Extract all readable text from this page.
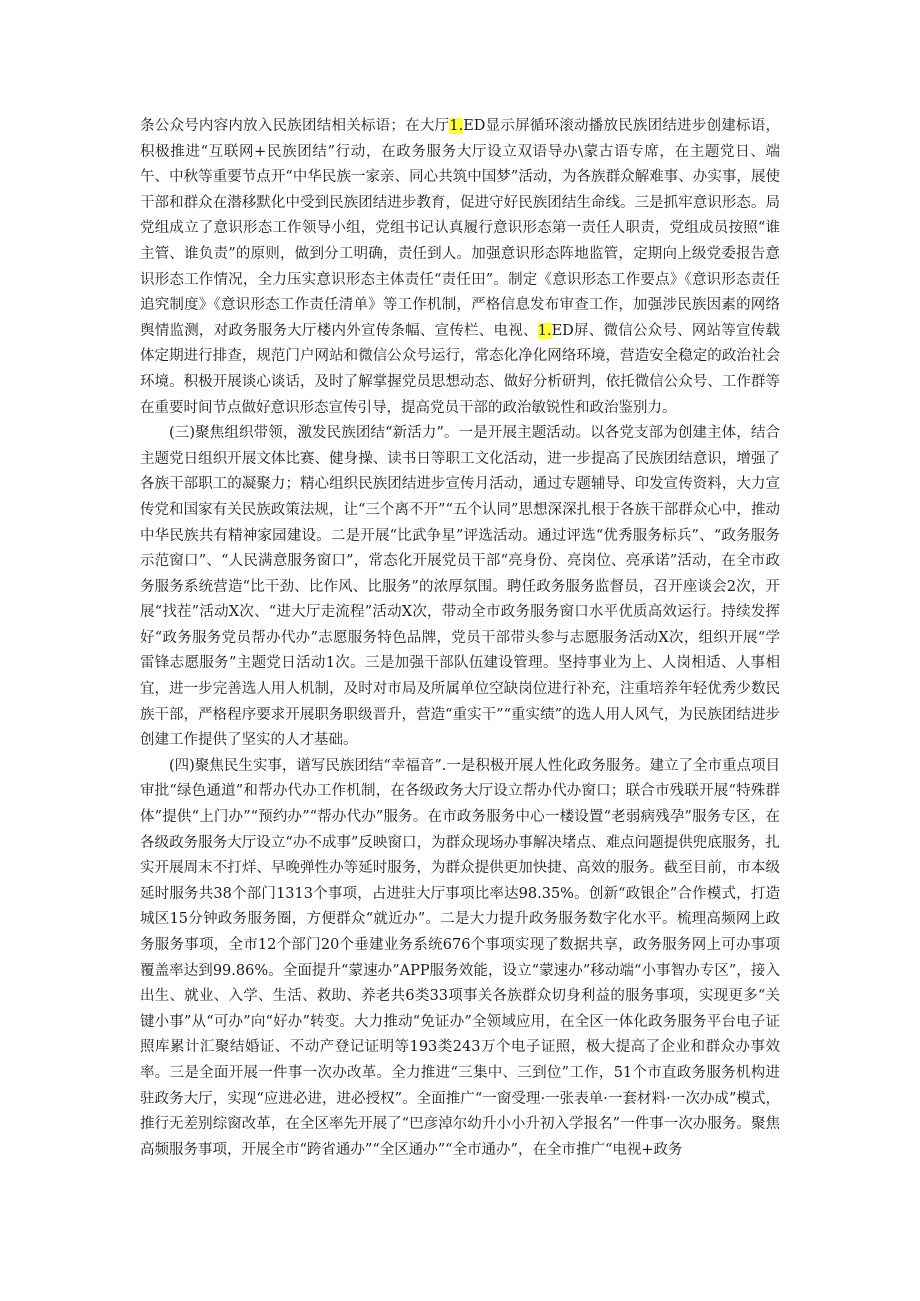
条公众号内容内放入民族团结相关标语；在大厅1.ED显示屏循环滚动播放民族团结进步创建标语，积极推进“互联网+民族团结”行动，在政务服务大厅设立双语导办\蒙古语专席，在主题党日、端午、中秋等重要节点开“中华民族一家亲、同心共筑中国梦”活动，为各族群众解难事、办实事，展使干部和群众在潜移默化中受到民族团结进步教育，促进守好民族团结生命线。三是抓牢意识形态。局党组成立了意识形态工作领导小组，党组书记认真履行意识形态第一责任人职责，党组成员按照“谁主管、谁负责”的原则，做到分工明确，责任到人。加强意识形态阵地监管，定期向上级党委报告意识形态工作情况，全力压实意识形态主体责任“责任田”。制定《意识形态工作要点》《意识形态责任追究制度》《意识形态工作责任清单》等工作机制，严格信息发布审查工作，加强涉民族因素的网络舆情监测，对政务服务大厅楼内外宣传条幅、宣传栏、电视、1.ED屏、微信公众号、网站等宣传载体定期进行排查，规范门户网站和微信公众号运行，常态化净化网络环境，营造安全稳定的政治社会环境。积极开展谈心谈话，及时了解掌握党员思想动态、做好分析研判，依托微信公众号、工作群等在重要时间节点做好意识形态宣传引导，提高党员干部的政治敏锐性和政治鉴别力。

(三)聚焦组织带领，激发民族团结“新活力”。一是开展主题活动。以各党支部为创建主体，结合主题党日组织开展文体比赛、健身操、读书日等职工文化活动，进一步提高了民族团结意识，增强了各族干部职工的凝聚力；精心组织民族团结进步宣传月活动，通过专题辅导、印发宣传资料，大力宣传党和国家有关民族政策法规，让“三个离不开”“五个认同”思想深深扎根于各族干部群众心中，推动中华民族共有精神家园建设。二是开展“比武争星”评选活动。通过评选“优秀服务标兵”、“政务服务示范窗口”、“人民满意服务窗口”，常态化开展党员干部“亮身份、亮岗位、亮承诺”活动，在全市政务服务系统营造“比干劲、比作风、比服务”的浓厚氛围。聘任政务服务监督员，召开座谈会2次，开展“找茬”活动X次、“进大厅走流程”活动X次，带动全市政务服务窗口水平优质高效运行。持续发挥好“政务服务党员帮办代办”志愿服务特色品牌，党员干部带头参与志愿服务活动X次，组织开展“学雷锋志愿服务”主题党日活动1次。三是加强干部队伍建设管理。坚持事业为上、人岗相适、人事相宜，进一步完善选人用人机制，及时对市局及所属单位空缺岗位进行补充，注重培养年轻优秀少数民族干部，严格程序要求开展职务职级晋升，营造“重实干”“重实绩”的选人用人风气，为民族团结进步创建工作提供了坚实的人才基础。

(四)聚焦民生实事，谱写民族团结“幸福音”.一是积极开展人性化政务服务。建立了全市重点项目审批“绿色通道”和帮办代办工作机制，在各级政务大厅设立帮办代办窗口；联合市残联开展“特殊群体”提供“上门办”“预约办”“帮办代办”服务。在市政务服务中心一楼设置“老弱病残孕”服务专区，在各级政务服务大厅设立“办不成事”反映窗口，为群众现场办事解决堵点、难点问题提供兜底服务，扎实开展周末不打烊、早晚弹性办等延时服务，为群众提供更加快捷、高效的服务。截至目前，市本级延时服务共38个部门1313个事项，占进驻大厅事项比率达98.35%。创新“政银企”合作模式，打造城区15分钟政务服务圈，方便群众“就近办”。二是大力提升政务服务数字化水平。梳理高频网上政务服务事项，全市12个部门20个垂建业务系统676个事项实现了数据共享，政务服务网上可办事项覆盖率达到99.86%。全面提升“蒙速办”APP服务效能，设立“蒙速办”移动端“小事智办专区”，接入出生、就业、入学、生活、救助、养老共6类33项事关各族群众切身利益的服务事项，实现更多“关键小事”从“可办”向“好办”转变。大力推动“免证办”全领域应用，在全区一体化政务服务平台电子证照库累计汇聚结婚证、不动产登记证明等193类243万个电子证照，极大提高了企业和群众办事效率。三是全面开展一件事一次办改革。全力推进“三集中、三到位”工作，51个市直政务服务机构进驻政务大厅，实现“应进必进，进必授权”。全面推广“一窗受理·一张表单·一套材料·一次办成”模式，推行无差别综窗改革，在全区率先开展了“巴彦淖尔幼升小小升初入学报名”一件事一次办服务。聚焦高频服务事项，开展全市“跨省通办”“全区通办”“全市通办”，在全市推广“电视+政务
